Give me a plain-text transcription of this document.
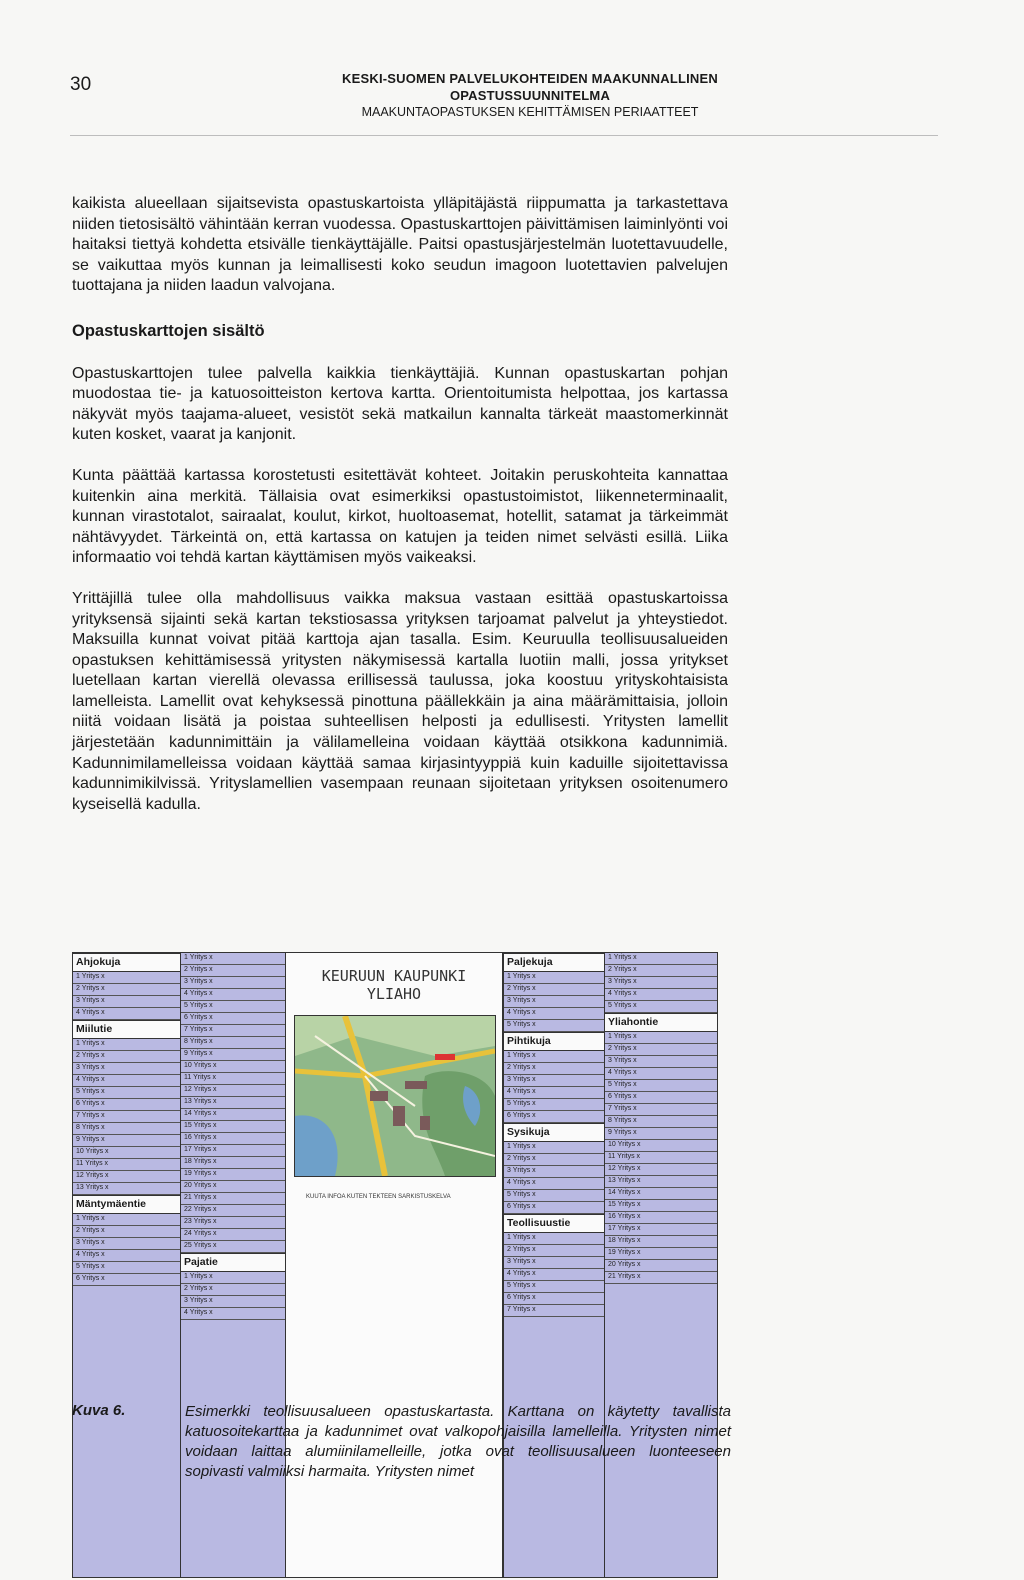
30	KESKI-SUOMEN PALVELUKOHTEIDEN MAAKUNNALLINEN
OPASTUSSUUNNITELMA
MAAKUNTAOPASTUKSEN KEHITTÄMISEN PERIAATTEET

kaikista alueellaan sijaitsevista opastuskartoista ylläpitäjästä riippumatta ja tarkastettava niiden tietosisältö vähintään kerran vuodessa. Opastuskarttojen päivittämisen laiminlyönti voi haitaksi tiettyä kohdetta etsivälle tienkäyttäjälle. Paitsi opastusjärjestelmän luotettavuudelle, se vaikuttaa myös kunnan ja leimallisesti koko seudun imagoon luotettavien palvelujen tuottajana ja niiden laadun valvojana.

Opastuskarttojen sisältö

Opastuskarttojen tulee palvella kaikkia tienkäyttäjiä. Kunnan opastuskartan pohjan muodostaa tie- ja katuosoitteiston kertova kartta. Orientoitumista helpottaa, jos kartassa näkyvät myös taajama-alueet, vesistöt sekä matkailun kannalta tärkeät maastomerkinnät kuten kosket, vaarat ja kanjonit.

Kunta päättää kartassa korostetusti esitettävät kohteet. Joitakin peruskohteita kannattaa kuitenkin aina merkitä. Tällaisia ovat esimerkiksi opastustoimistot, liikenneterminaalit, kunnan virastotalot, sairaalat, koulut, kirkot, huoltoasemat, hotellit, satamat ja tärkeimmät nähtävyydet. Tärkeintä on, että kartassa on katujen ja teiden nimet selvästi esillä. Liika informaatio voi tehdä kartan käyttämisen myös vaikeaksi.

Yrittäjillä tulee olla mahdollisuus vaikka maksua vastaan esittää opastuskartoissa yrityksensä sijainti sekä kartan tekstiosassa yrityksen tarjoamat palvelut ja yhteystiedot. Maksuilla kunnat voivat pitää karttoja ajan tasalla. Esim. Keuruulla teollisuusalueiden opastuksen kehittämisessä yritysten näkymisessä kartalla luotiin malli, jossa yritykset luetellaan kartan vierellä olevassa erillisessä taulussa, joka koostuu yrityskohtaisista lamelleista. Lamellit ovat kehyksessä pinottuna päällekkäin ja aina määrämittaisia, jolloin niitä voidaan lisätä ja poistaa suhteellisen helposti ja edullisesti. Yritysten lamellit järjestetään kadunnimittäin ja välilamelleina voidaan käyttää otsikkona kadunnimiä. Kadunnimilamelleissa voidaan käyttää samaa kirjasintyyppiä kuin kaduille sijoitettavissa kadunnimikilvissä. Yrityslamellien vasempaan reunaan sijoitetaan yrityksen osoitenumero kyseisellä kadulla.

Ahjokuja
1 Yritys x
2 Yritys x
3 Yritys x
4 Yritys x
Miilutie
1 Yritys x
2 Yritys x
3 Yritys x
4 Yritys x
5 Yritys x
6 Yritys x
7 Yritys x
8 Yritys x
9 Yritys x
10 Yritys x
11 Yritys x
12 Yritys x
13 Yritys x
Mäntymäentie
1 Yritys x
2 Yritys x
3 Yritys x
4 Yritys x
5 Yritys x
6 Yritys x
1 Yritys x
2 Yritys x
3 Yritys x
4 Yritys x
5 Yritys x
6 Yritys x
7 Yritys x
8 Yritys x
9 Yritys x
10 Yritys x
11 Yritys x
12 Yritys x
13 Yritys x
14 Yritys x
15 Yritys x
16 Yritys x
17 Yritys x
18 Yritys x
19 Yritys x
20 Yritys x
21 Yritys x
22 Yritys x
23 Yritys x
24 Yritys x
25 Yritys x
Pajatie
1 Yritys x
2 Yritys x
3 Yritys x
4 Yritys x
KEURUUN KAUPUNKI
YLIAHO
KUUTA INFOA KUTEN TEKTEEN SARKISTUSKELVA
Paljekuja
1 Yritys x
2 Yritys x
3 Yritys x
4 Yritys x
5 Yritys x
Pihtikuja
1 Yritys x
2 Yritys x
3 Yritys x
4 Yritys x
5 Yritys x
6 Yritys x
Sysikuja
1 Yritys x
2 Yritys x
3 Yritys x
4 Yritys x
5 Yritys x
6 Yritys x
Teollisuustie
1 Yritys x
2 Yritys x
3 Yritys x
4 Yritys x
5 Yritys x
6 Yritys x
7 Yritys x
1 Yritys x
2 Yritys x
3 Yritys x
4 Yritys x
5 Yritys x
Yliahontie
1 Yritys x
2 Yritys x
3 Yritys x
4 Yritys x
5 Yritys x
6 Yritys x
7 Yritys x
8 Yritys x
9 Yritys x
10 Yritys x
11 Yritys x
12 Yritys x
13 Yritys x
14 Yritys x
15 Yritys x
16 Yritys x
17 Yritys x
18 Yritys x
19 Yritys x
20 Yritys x
21 Yritys x
Kuva 6.	Esimerkki teollisuusalueen opastuskartasta. Karttana on käytetty tavallista katuosoitekarttaa ja kadunnimet ovat valkopohjaisilla lamelleilla. Yritysten nimet voidaan laittaa alumiinilamelleille, jotka ovat teollisuusalueen luonteeseen sopivasti valmiiksi harmaita. Yritysten nimet
